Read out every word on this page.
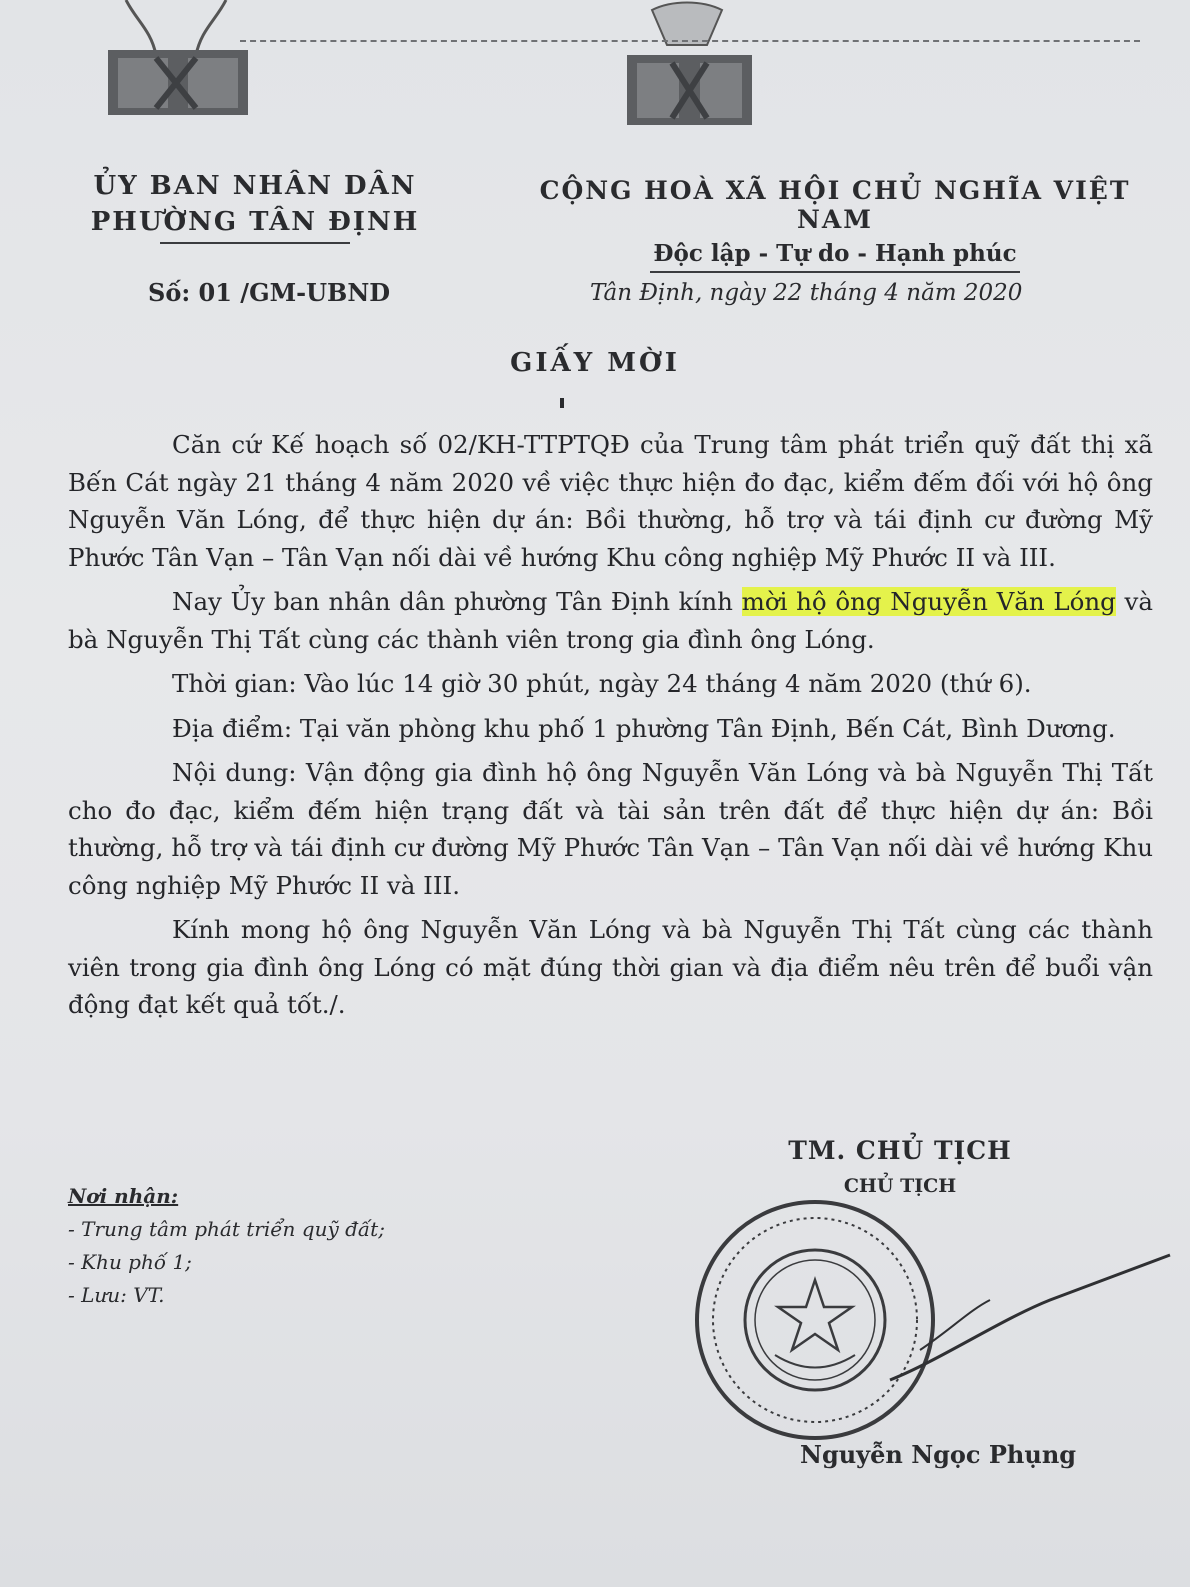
ỦY BAN NHÂN DÂN
PHƯỜNG TÂN ĐỊNH
CỘNG HOÀ XÃ HỘI CHỦ NGHĨA VIỆT NAM
Độc lập - Tự do - Hạnh phúc
Số: 01 /GM-UBND	Tân Định, ngày 22 tháng 4 năm 2020
GIẤY MỜI

Căn cứ Kế hoạch số 02/KH-TTPTQĐ của Trung tâm phát triển quỹ đất thị xã Bến Cát ngày 21 tháng 4 năm 2020 về việc thực hiện đo đạc, kiểm đếm đối với hộ ông Nguyễn Văn Lóng, để thực hiện dự án: Bồi thường, hỗ trợ và tái định cư đường Mỹ Phước Tân Vạn – Tân Vạn nối dài về hướng Khu công nghiệp Mỹ Phước II và III.

Nay Ủy ban nhân dân phường Tân Định kính mời hộ ông Nguyễn Văn Lóng và bà Nguyễn Thị Tất cùng các thành viên trong gia đình ông Lóng.

Thời gian: Vào lúc 14 giờ 30 phút, ngày 24 tháng 4 năm 2020 (thứ 6).

Địa điểm: Tại văn phòng khu phố 1 phường Tân Định, Bến Cát, Bình Dương.

Nội dung: Vận động gia đình hộ ông Nguyễn Văn Lóng và bà Nguyễn Thị Tất cho đo đạc, kiểm đếm hiện trạng đất và tài sản trên đất để thực hiện dự án: Bồi thường, hỗ trợ và tái định cư đường Mỹ Phước Tân Vạn – Tân Vạn nối dài về hướng Khu công nghiệp Mỹ Phước II và III.

Kính mong hộ ông Nguyễn Văn Lóng và bà Nguyễn Thị Tất cùng các thành viên trong gia đình ông Lóng có mặt đúng thời gian và địa điểm nêu trên để buổi vận động đạt kết quả tốt./.

Nơi nhận:
- Trung tâm phát triển quỹ đất;
- Khu phố 1;
- Lưu: VT.
TM. CHỦ TỊCH
CHỦ TỊCH
Nguyễn Ngọc Phụng
